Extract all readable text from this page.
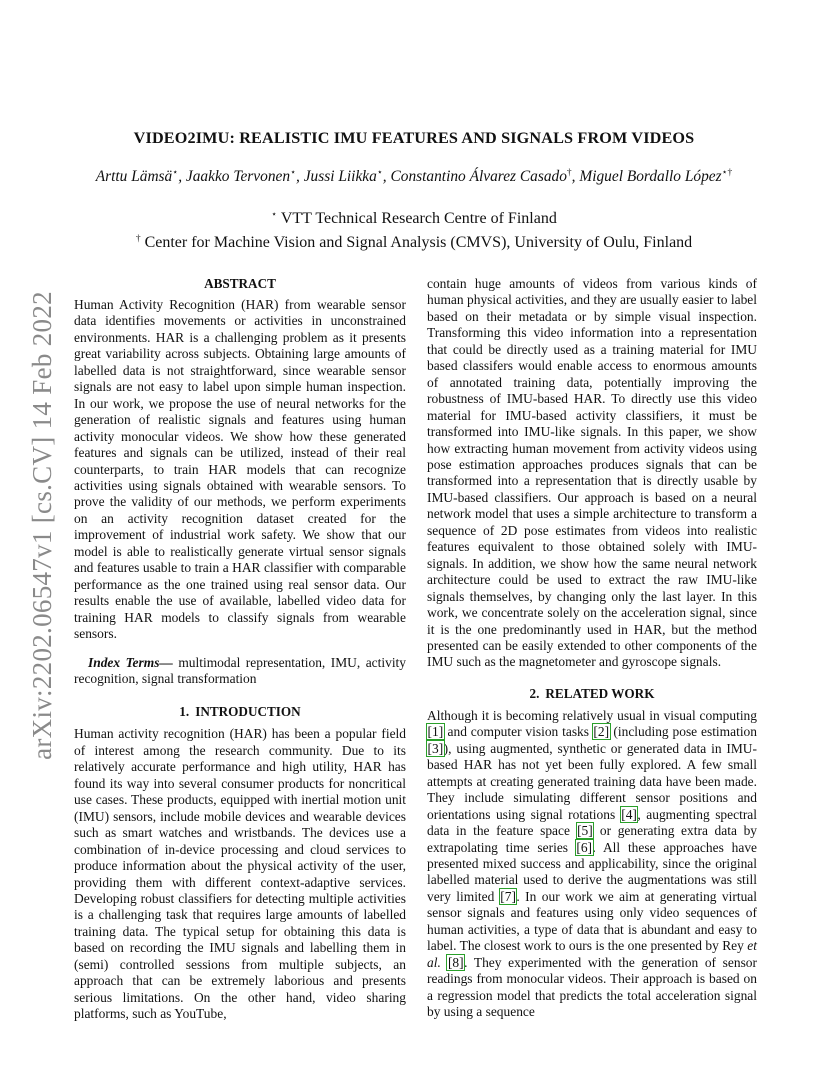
arXiv:2202.06547v1 [cs.CV] 14 Feb 2022
VIDEO2IMU: REALISTIC IMU FEATURES AND SIGNALS FROM VIDEOS
Arttu Lämsä⋆, Jaakko Tervonen⋆, Jussi Liikka⋆, Constantino Álvarez Casado†, Miguel Bordallo López⋆†
⋆ VTT Technical Research Centre of Finland
† Center for Machine Vision and Signal Analysis (CMVS), University of Oulu, Finland

ABSTRACT

Human Activity Recognition (HAR) from wearable sensor data identifies movements or activities in unconstrained environments. HAR is a challenging problem as it presents great variability across subjects. Obtaining large amounts of labelled data is not straightforward, since wearable sensor signals are not easy to label upon simple human inspection. In our work, we propose the use of neural networks for the generation of realistic signals and features using human activity monocular videos. We show how these generated features and signals can be utilized, instead of their real counterparts, to train HAR models that can recognize activities using signals obtained with wearable sensors. To prove the validity of our methods, we perform experiments on an activity recognition dataset created for the improvement of industrial work safety. We show that our model is able to realistically generate virtual sensor signals and features usable to train a HAR classifier with comparable performance as the one trained using real sensor data. Our results enable the use of available, labelled video data for training HAR models to classify signals from wearable sensors.

Index Terms— multimodal representation, IMU, activity recognition, signal transformation

1. INTRODUCTION

Human activity recognition (HAR) has been a popular field of interest among the research community. Due to its relatively accurate performance and high utility, HAR has found its way into several consumer products for noncritical use cases. These products, equipped with inertial motion unit (IMU) sensors, include mobile devices and wearable devices such as smart watches and wristbands. The devices use a combination of in-device processing and cloud services to produce information about the physical activity of the user, providing them with different context-adaptive services. Developing robust classifiers for detecting multiple activities is a challenging task that requires large amounts of labelled training data. The typical setup for obtaining this data is based on recording the IMU signals and labelling them in (semi) controlled sessions from multiple subjects, an approach that can be extremely laborious and presents serious limitations. On the other hand, video sharing platforms, such as YouTube,

contain huge amounts of videos from various kinds of human physical activities, and they are usually easier to label based on their metadata or by simple visual inspection. Transforming this video information into a representation that could be directly used as a training material for IMU based classifers would enable access to enormous amounts of annotated training data, potentially improving the robustness of IMU-based HAR. To directly use this video material for IMU-based activity classifiers, it must be transformed into IMU-like signals. In this paper, we show how extracting human movement from activity videos using pose estimation approaches produces signals that can be transformed into a representation that is directly usable by IMU-based classifiers. Our approach is based on a neural network model that uses a simple architecture to transform a sequence of 2D pose estimates from videos into realistic features equivalent to those obtained solely with IMU-signals. In addition, we show how the same neural network architecture could be used to extract the raw IMU-like signals themselves, by changing only the last layer. In this work, we concentrate solely on the acceleration signal, since it is the one predominantly used in HAR, but the method presented can be easily extended to other components of the IMU such as the magnetometer and gyroscope signals.

2. RELATED WORK

Although it is becoming relatively usual in visual computing [1] and computer vision tasks [2] (including pose estimation [3]), using augmented, synthetic or generated data in IMU-based HAR has not yet been fully explored. A few small attempts at creating generated training data have been made. They include simulating different sensor positions and orientations using signal rotations [4], augmenting spectral data in the feature space [5] or generating extra data by extrapolating time series [6]. All these approaches have presented mixed success and applicability, since the original labelled material used to derive the augmentations was still very limited [7]. In our work we aim at generating virtual sensor signals and features using only video sequences of human activities, a type of data that is abundant and easy to label. The closest work to ours is the one presented by Rey et al. [8]. They experimented with the generation of sensor readings from monocular videos. Their approach is based on a regression model that predicts the total acceleration signal by using a sequence
